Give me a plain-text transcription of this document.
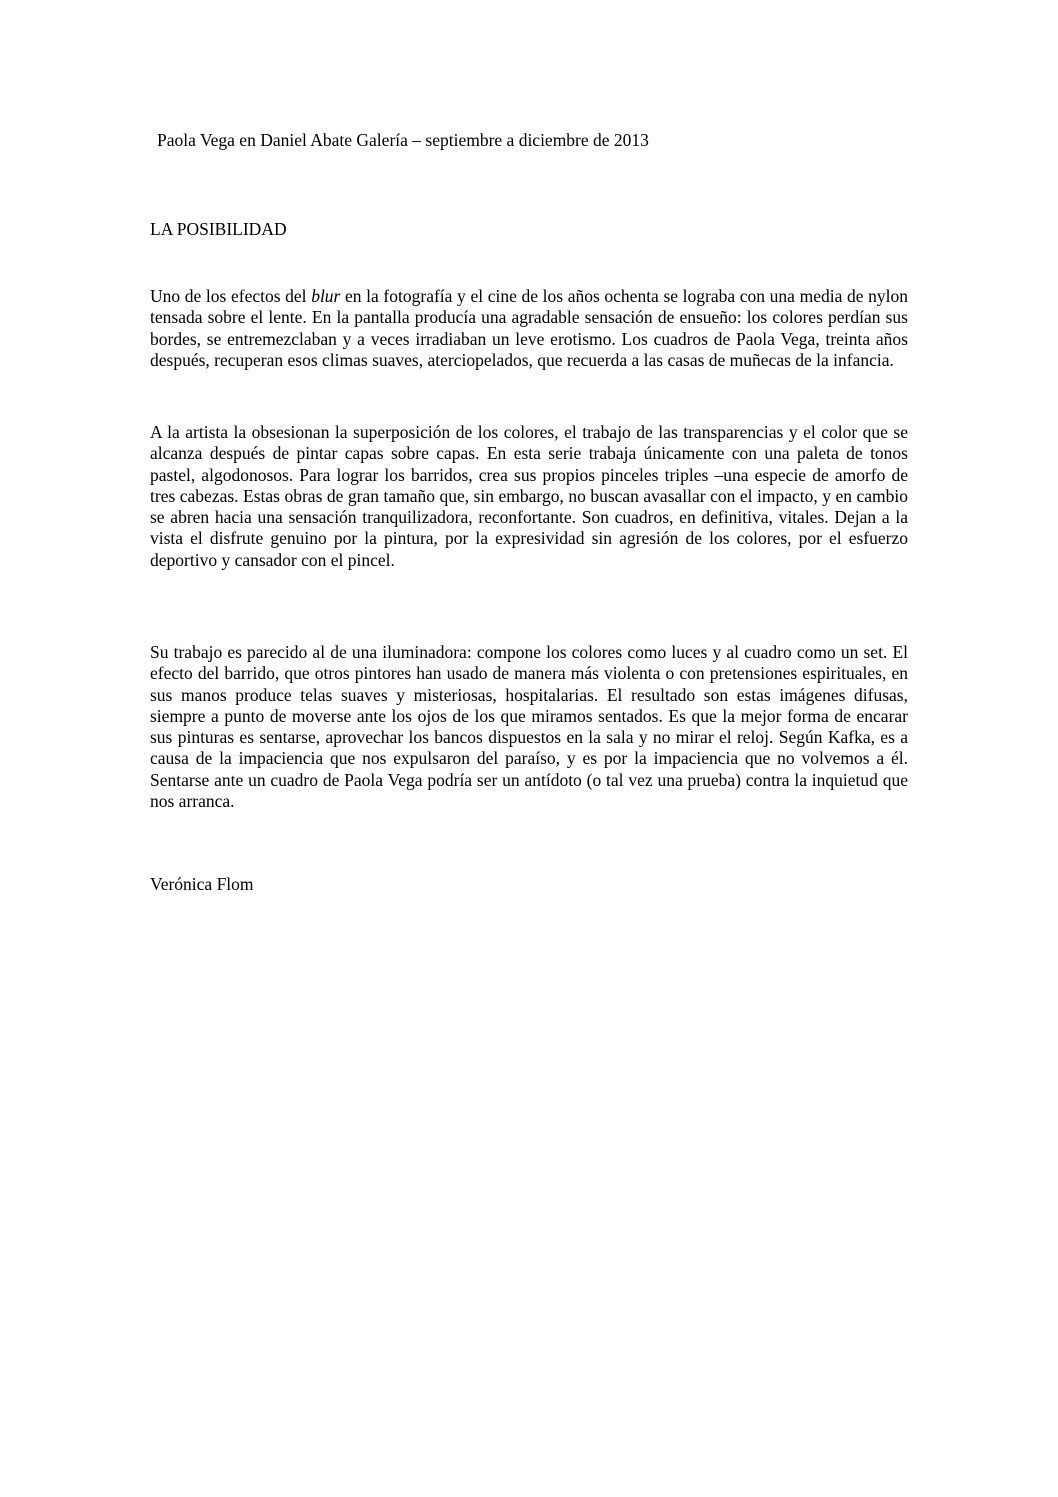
Paola Vega en Daniel Abate Galería – septiembre a diciembre de 2013
LA POSIBILIDAD

Uno de los efectos del blur en la fotografía y el cine de los años ochenta se lograba con una media de nylon tensada sobre el lente. En la pantalla producía una agradable sensación de ensueño: los colores perdían sus bordes, se entremezclaban y a veces irradiaban un leve erotismo. Los cuadros de Paola Vega, treinta años después, recuperan esos climas suaves, aterciopelados, que recuerda a las casas de muñecas de la infancia.

A la artista la obsesionan la superposición de los colores, el trabajo de las transparencias y el color que se alcanza después de pintar capas sobre capas. En esta serie trabaja únicamente con una paleta de tonos pastel, algodonosos. Para lograr los barridos, crea sus propios pinceles triples –una especie de amorfo de tres cabezas. Estas obras de gran tamaño que, sin embargo, no buscan avasallar con el impacto, y en cambio se abren hacia una sensación tranquilizadora, reconfortante. Son cuadros, en definitiva, vitales. Dejan a la vista el disfrute genuino por la pintura, por la expresividad sin agresión de los colores, por el esfuerzo deportivo y cansador con el pincel.

Su trabajo es parecido al de una iluminadora: compone los colores como luces y al cuadro como un set. El efecto del barrido, que otros pintores han usado de manera más violenta o con pretensiones espirituales, en sus manos produce telas suaves y misteriosas, hospitalarias. El resultado son estas imágenes difusas, siempre a punto de moverse ante los ojos de los que miramos sentados. Es que la mejor forma de encarar sus pinturas es sentarse, aprovechar los bancos dispuestos en la sala y no mirar el reloj. Según Kafka, es a causa de la impaciencia que nos expulsaron del paraíso, y es por la impaciencia que no volvemos a él. Sentarse ante un cuadro de Paola Vega podría ser un antídoto (o tal vez una prueba) contra la inquietud que nos arranca.

Verónica Flom
